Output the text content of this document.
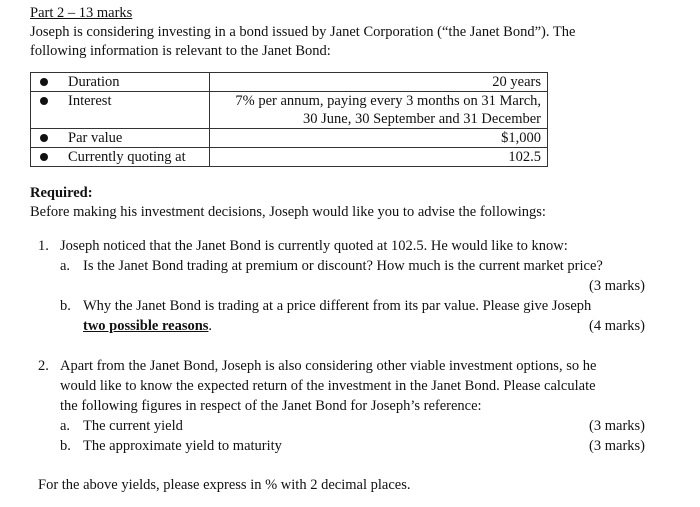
Part 2 – 13 marks
Joseph is considering investing in a bond issued by Janet Corporation (“the Janet Bond”). The
following information is relevant to the Janet Bond:
Duration	20 years

Interest	7% per annum, paying every 3 months on 31 March,
30 June, 30 September and 31 December

Par value	$1,000

Currently quoting at	102.5
Required:
Before making his investment decisions, Joseph would like you to advise the followings:
1. Joseph noticed that the Janet Bond is currently quoted at 102.5. He would like to know:
a. Is the Janet Bond trading at premium or discount? How much is the current market price?
(3 marks)
b. Why the Janet Bond is trading at a price different from its par value. Please give Joseph
two possible reasons.	(4 marks)
2. Apart from the Janet Bond, Joseph is also considering other viable investment options, so he
would like to know the expected return of the investment in the Janet Bond. Please calculate
the following figures in respect of the Janet Bond for Joseph’s reference:
a. The current yield	(3 marks)
b. The approximate yield to maturity	(3 marks)
For the above yields, please express in % with 2 decimal places.
